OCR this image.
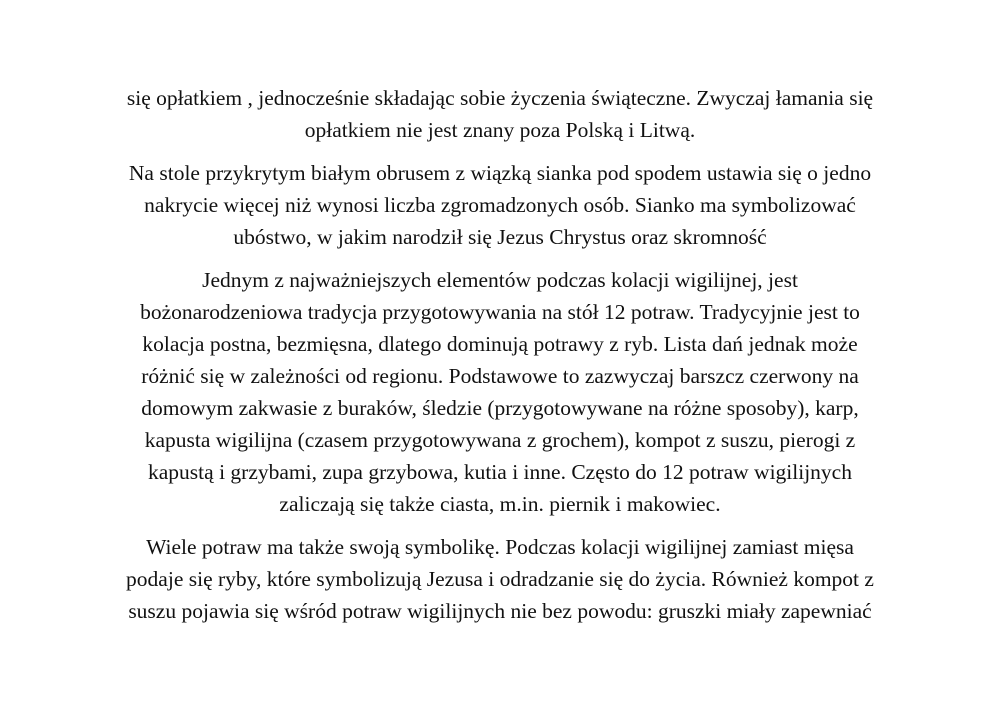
się opłatkiem , jednocześnie składając sobie życzenia świąteczne. Zwyczaj łamania się
opłatkiem nie jest znany poza Polską i Litwą.
Na stole przykrytym białym obrusem z wiązką sianka pod spodem ustawia się o jedno
nakrycie więcej niż wynosi liczba zgromadzonych osób. Sianko ma symbolizować
ubóstwo, w jakim narodził się Jezus Chrystus oraz skromność
Jednym z najważniejszych elementów podczas kolacji wigilijnej, jest
bożonarodzeniowa tradycja przygotowywania na stół 12 potraw. Tradycyjnie jest to
kolacja postna, bezmięsna, dlatego dominują potrawy z ryb. Lista dań jednak może
różnić się w zależności od regionu. Podstawowe to zazwyczaj barszcz czerwony na
domowym zakwasie z buraków, śledzie (przygotowywane na różne sposoby), karp,
kapusta wigilijna (czasem przygotowywana z grochem), kompot z suszu, pierogi z
kapustą i grzybami, zupa grzybowa, kutia i inne. Często do 12 potraw wigilijnych
zaliczają się także ciasta, m.in. piernik i makowiec.
Wiele potraw ma także swoją symbolikę. Podczas kolacji wigilijnej zamiast mięsa
podaje się ryby, które symbolizują Jezusa i odradzanie się do życia. Również kompot z
suszu pojawia się wśród potraw wigilijnych nie bez powodu: gruszki miały zapewniać
